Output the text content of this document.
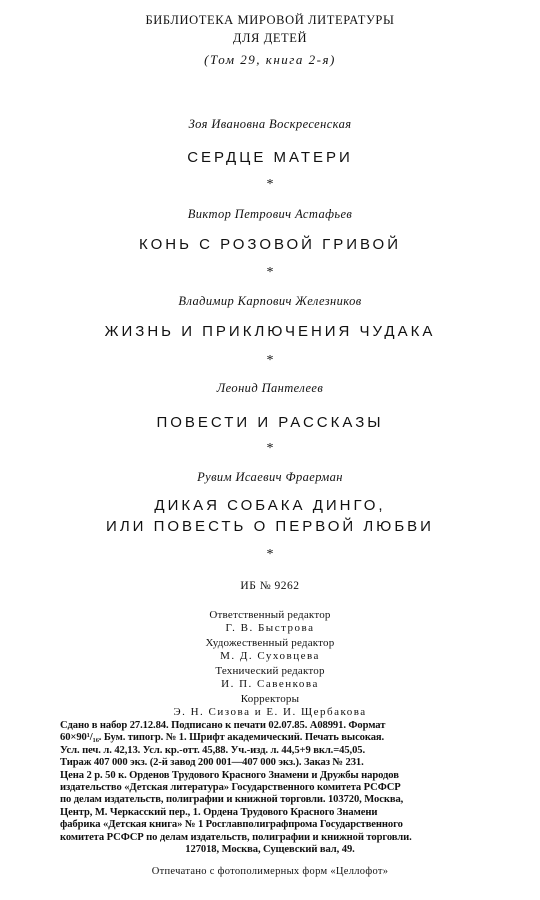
БИБЛИОТЕКА МИРОВОЙ ЛИТЕРАТУРЫ
ДЛЯ ДЕТЕЙ
(Том 29, книга 2-я)
Зоя Ивановна Воскресенская
СЕРДЦЕ МАТЕРИ
*
Виктор Петрович Астафьев
КОНЬ С РОЗОВОЙ ГРИВОЙ
*
Владимир Карпович Железников
ЖИЗНЬ И ПРИКЛЮЧЕНИЯ ЧУДАКА
*
Леонид Пантелеев
ПОВЕСТИ И РАССКАЗЫ
*
Рувим Исаевич Фраерман
ДИКАЯ СОБАКА ДИНГО,
ИЛИ ПОВЕСТЬ О ПЕРВОЙ ЛЮБВИ
*
ИБ № 9262
Ответственный редактор
Г. В. Быстрова
Художественный редактор
М. Д. Суховцева
Технический редактор
И. П. Савенкова
Корректоры
Э. Н. Сизова и Е. И. Щербакова
Сдано в набор 27.12.84. Подписано к печати 02.07.85. А08991. Формат
60×90¹/₁₆. Бум. типогр. № 1. Шрифт академический. Печать высокая.
Усл. печ. л. 42,13. Усл. кр.-отт. 45,88. Уч.-изд. л. 44,5+9 вкл.=45,05.
Тираж 407 000 экз. (2-й завод 200 001—407 000 экз.). Заказ № 231.
Цена 2 р. 50 к. Орденов Трудового Красного Знамени и Дружбы народов
издательство «Детская литература» Государственного комитета РСФСР
по делам издательств, полиграфии и книжной торговли. 103720, Москва,
Центр, М. Черкасский пер., 1. Ордена Трудового Красного Знамени
фабрика «Детская книга» № 1 Росглавполиграфпрома Государственного
комитета РСФСР по делам издательств, полиграфии и книжной торговли.
127018, Москва, Сущевский вал, 49.
Отпечатано с фотополимерных форм «Целлофот»
